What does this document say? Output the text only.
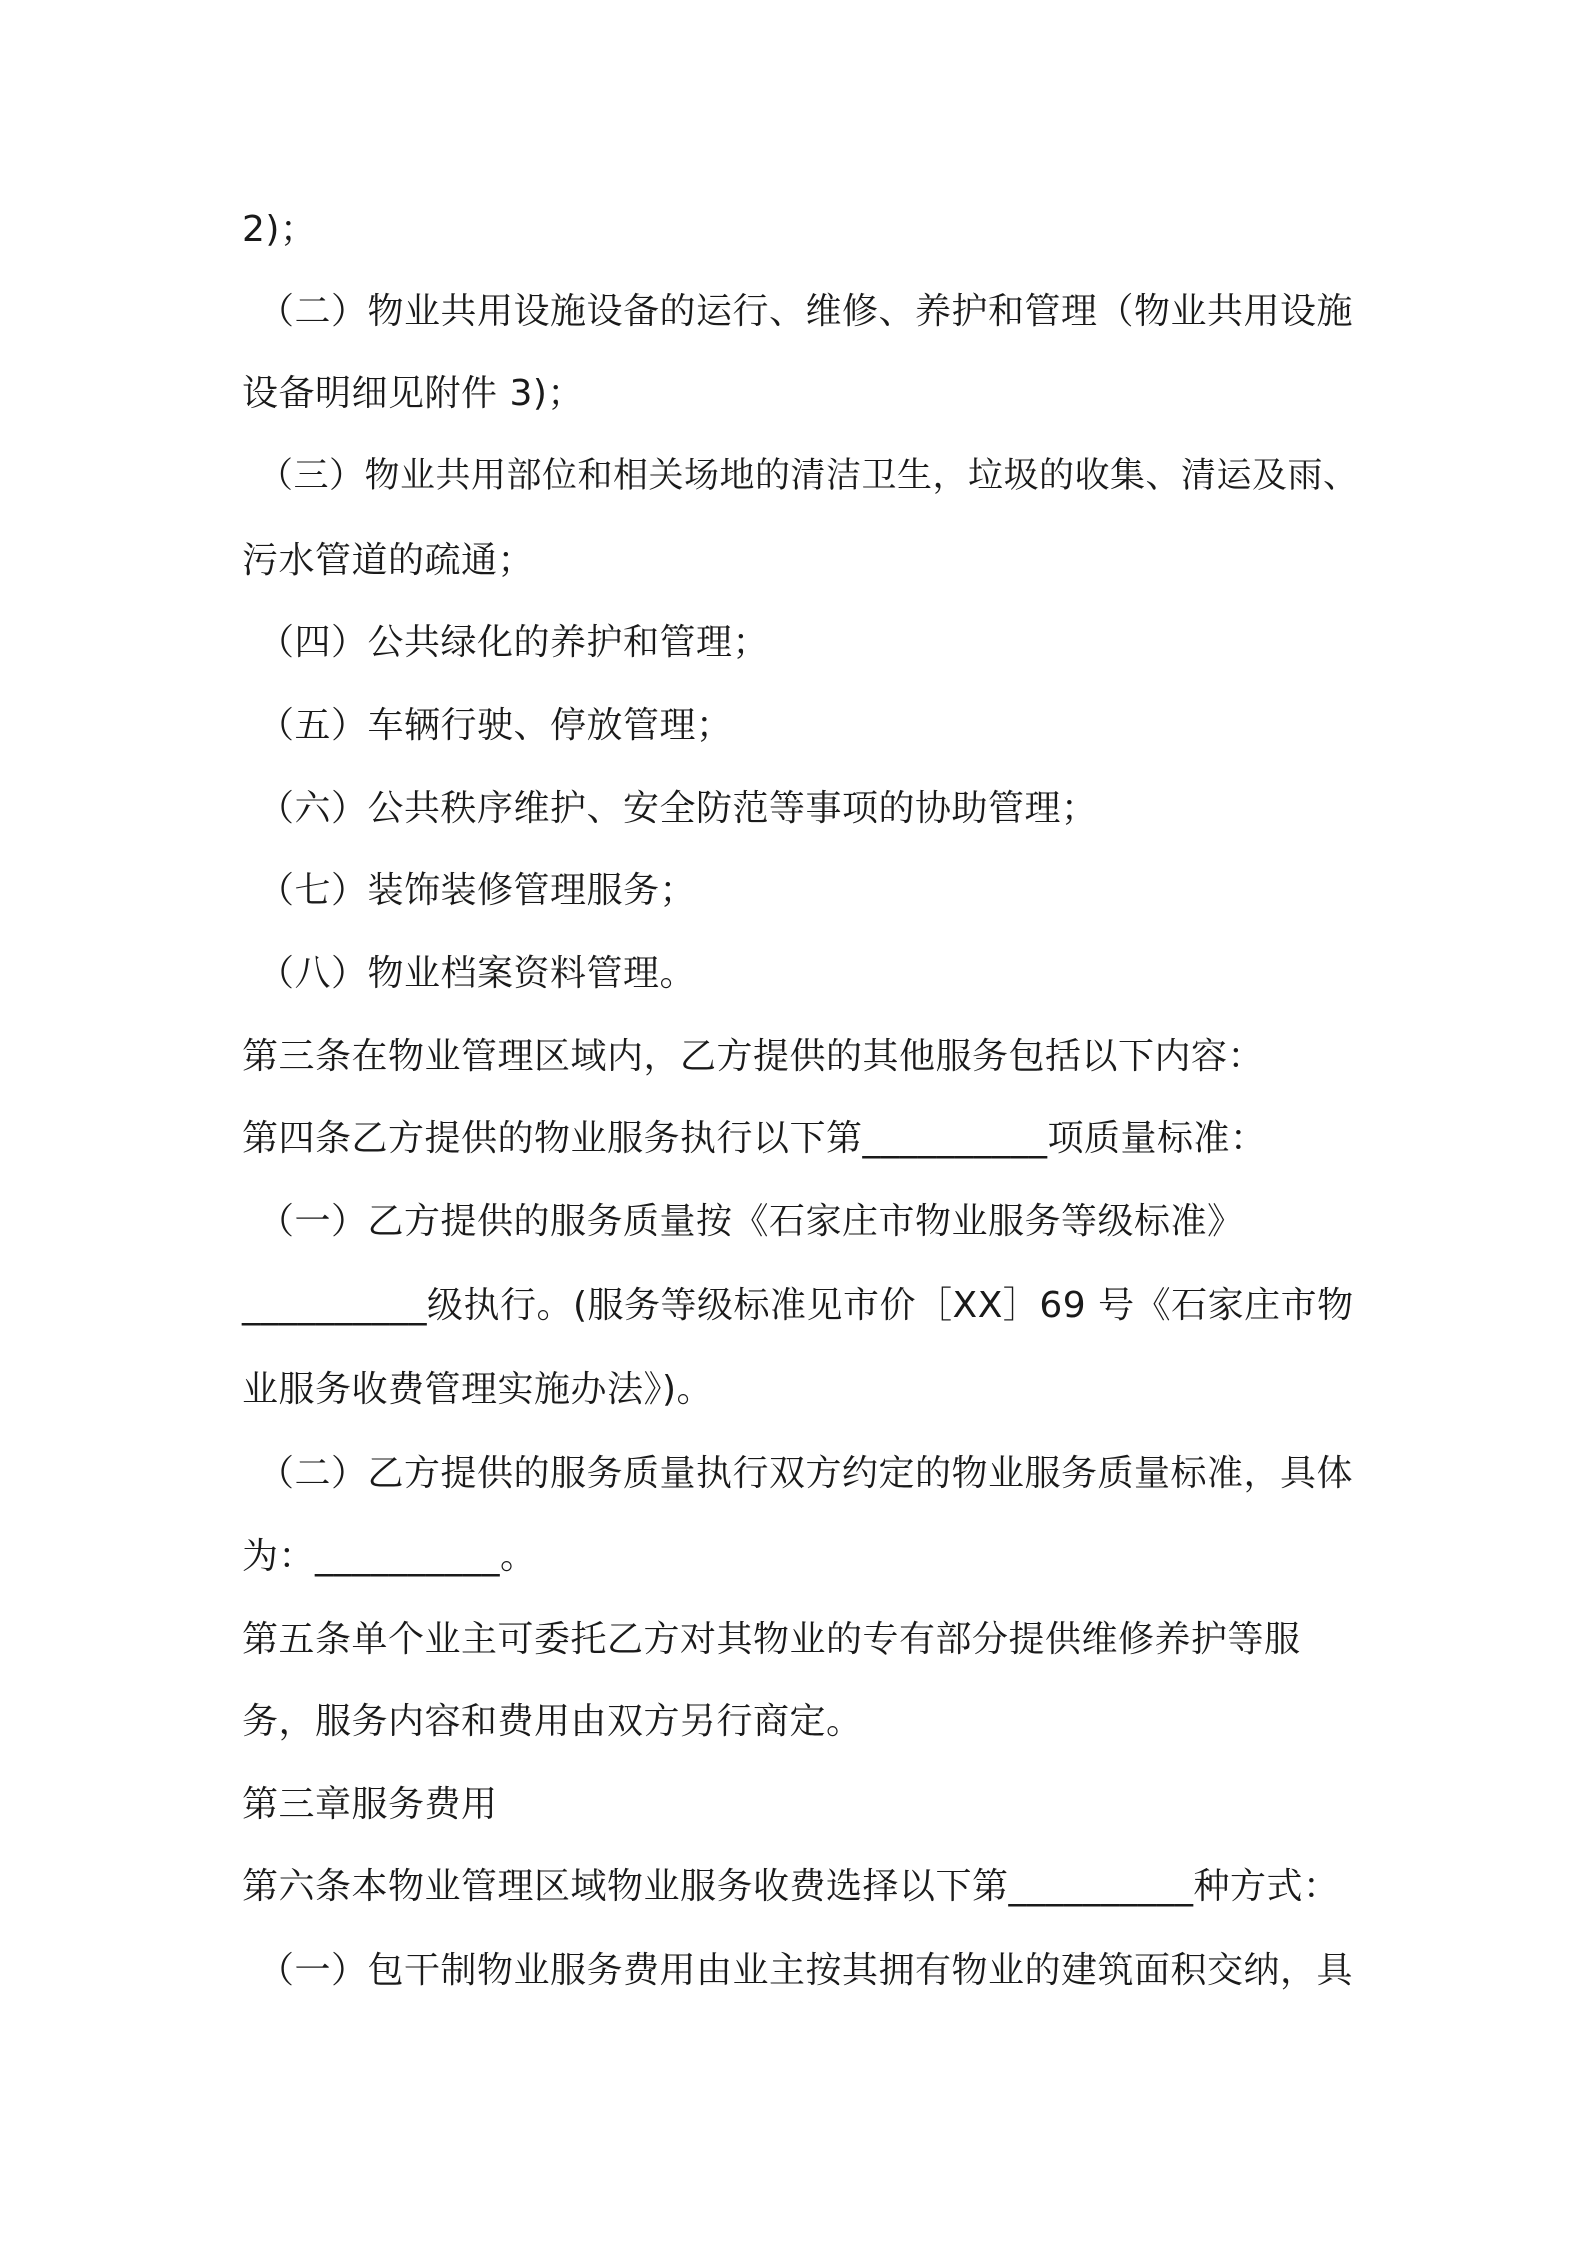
2)；
（二）物业共用设施设备的运行、维修、养护和管理（物业共用设施
设备明细见附件 3)；
（三）物业共用部位和相关场地的清洁卫生，垃圾的收集、清运及雨、
污水管道的疏通；
（四）公共绿化的养护和管理；
（五）车辆行驶、停放管理；
（六）公共秩序维护、安全防范等事项的协助管理；
（七）装饰装修管理服务；
（八）物业档案资料管理。
第三条在物业管理区域内，乙方提供的其他服务包括以下内容：
第四条乙方提供的物业服务执行以下第__________项质量标准：
（一）乙方提供的服务质量按《石家庄市物业服务等级标准》
__________级执行。(服务等级标准见市价［XX］69 号《石家庄市物
业服务收费管理实施办法》)。
（二）乙方提供的服务质量执行双方约定的物业服务质量标准，具体
为：__________。
第五条单个业主可委托乙方对其物业的专有部分提供维修养护等服
务，服务内容和费用由双方另行商定。
第三章服务费用
第六条本物业管理区域物业服务收费选择以下第__________种方式：
（一）包干制物业服务费用由业主按其拥有物业的建筑面积交纳，具
